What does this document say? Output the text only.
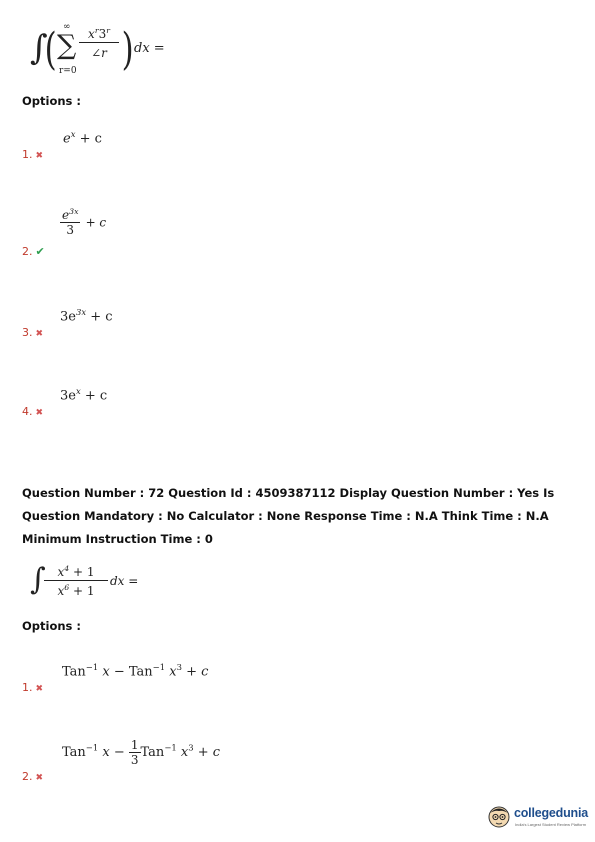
∫
( ∞
∑
r=0
$x^r3^r$
∠r ) dx =
Options :
$e^x + c$
1. ✖
$\frac{e^{3x}}{3} + c$
2. ✔
$3e^{3x} + c$
3. ✖
$3e^x + c$
4. ✖
Question Number : 72 Question Id : 4509387112 Display Question Number : Yes Is Question Mandatory : No Calculator : None Response Time : N.A Think Time : N.A Minimum Instruction Time : 0
∫ $x^4 + 1$
$x^6 + 1$
dx =
Options :
Tan$^{-1}$ x − Tan$^{-1}$ $x^3 + c$
1. ✖
Tan$^{-1}$ $x - \frac{1}{3} Tan^{-1}$ $x^3 + c$
2. ✖
collegedunia
India's Largest Student Review Platform
